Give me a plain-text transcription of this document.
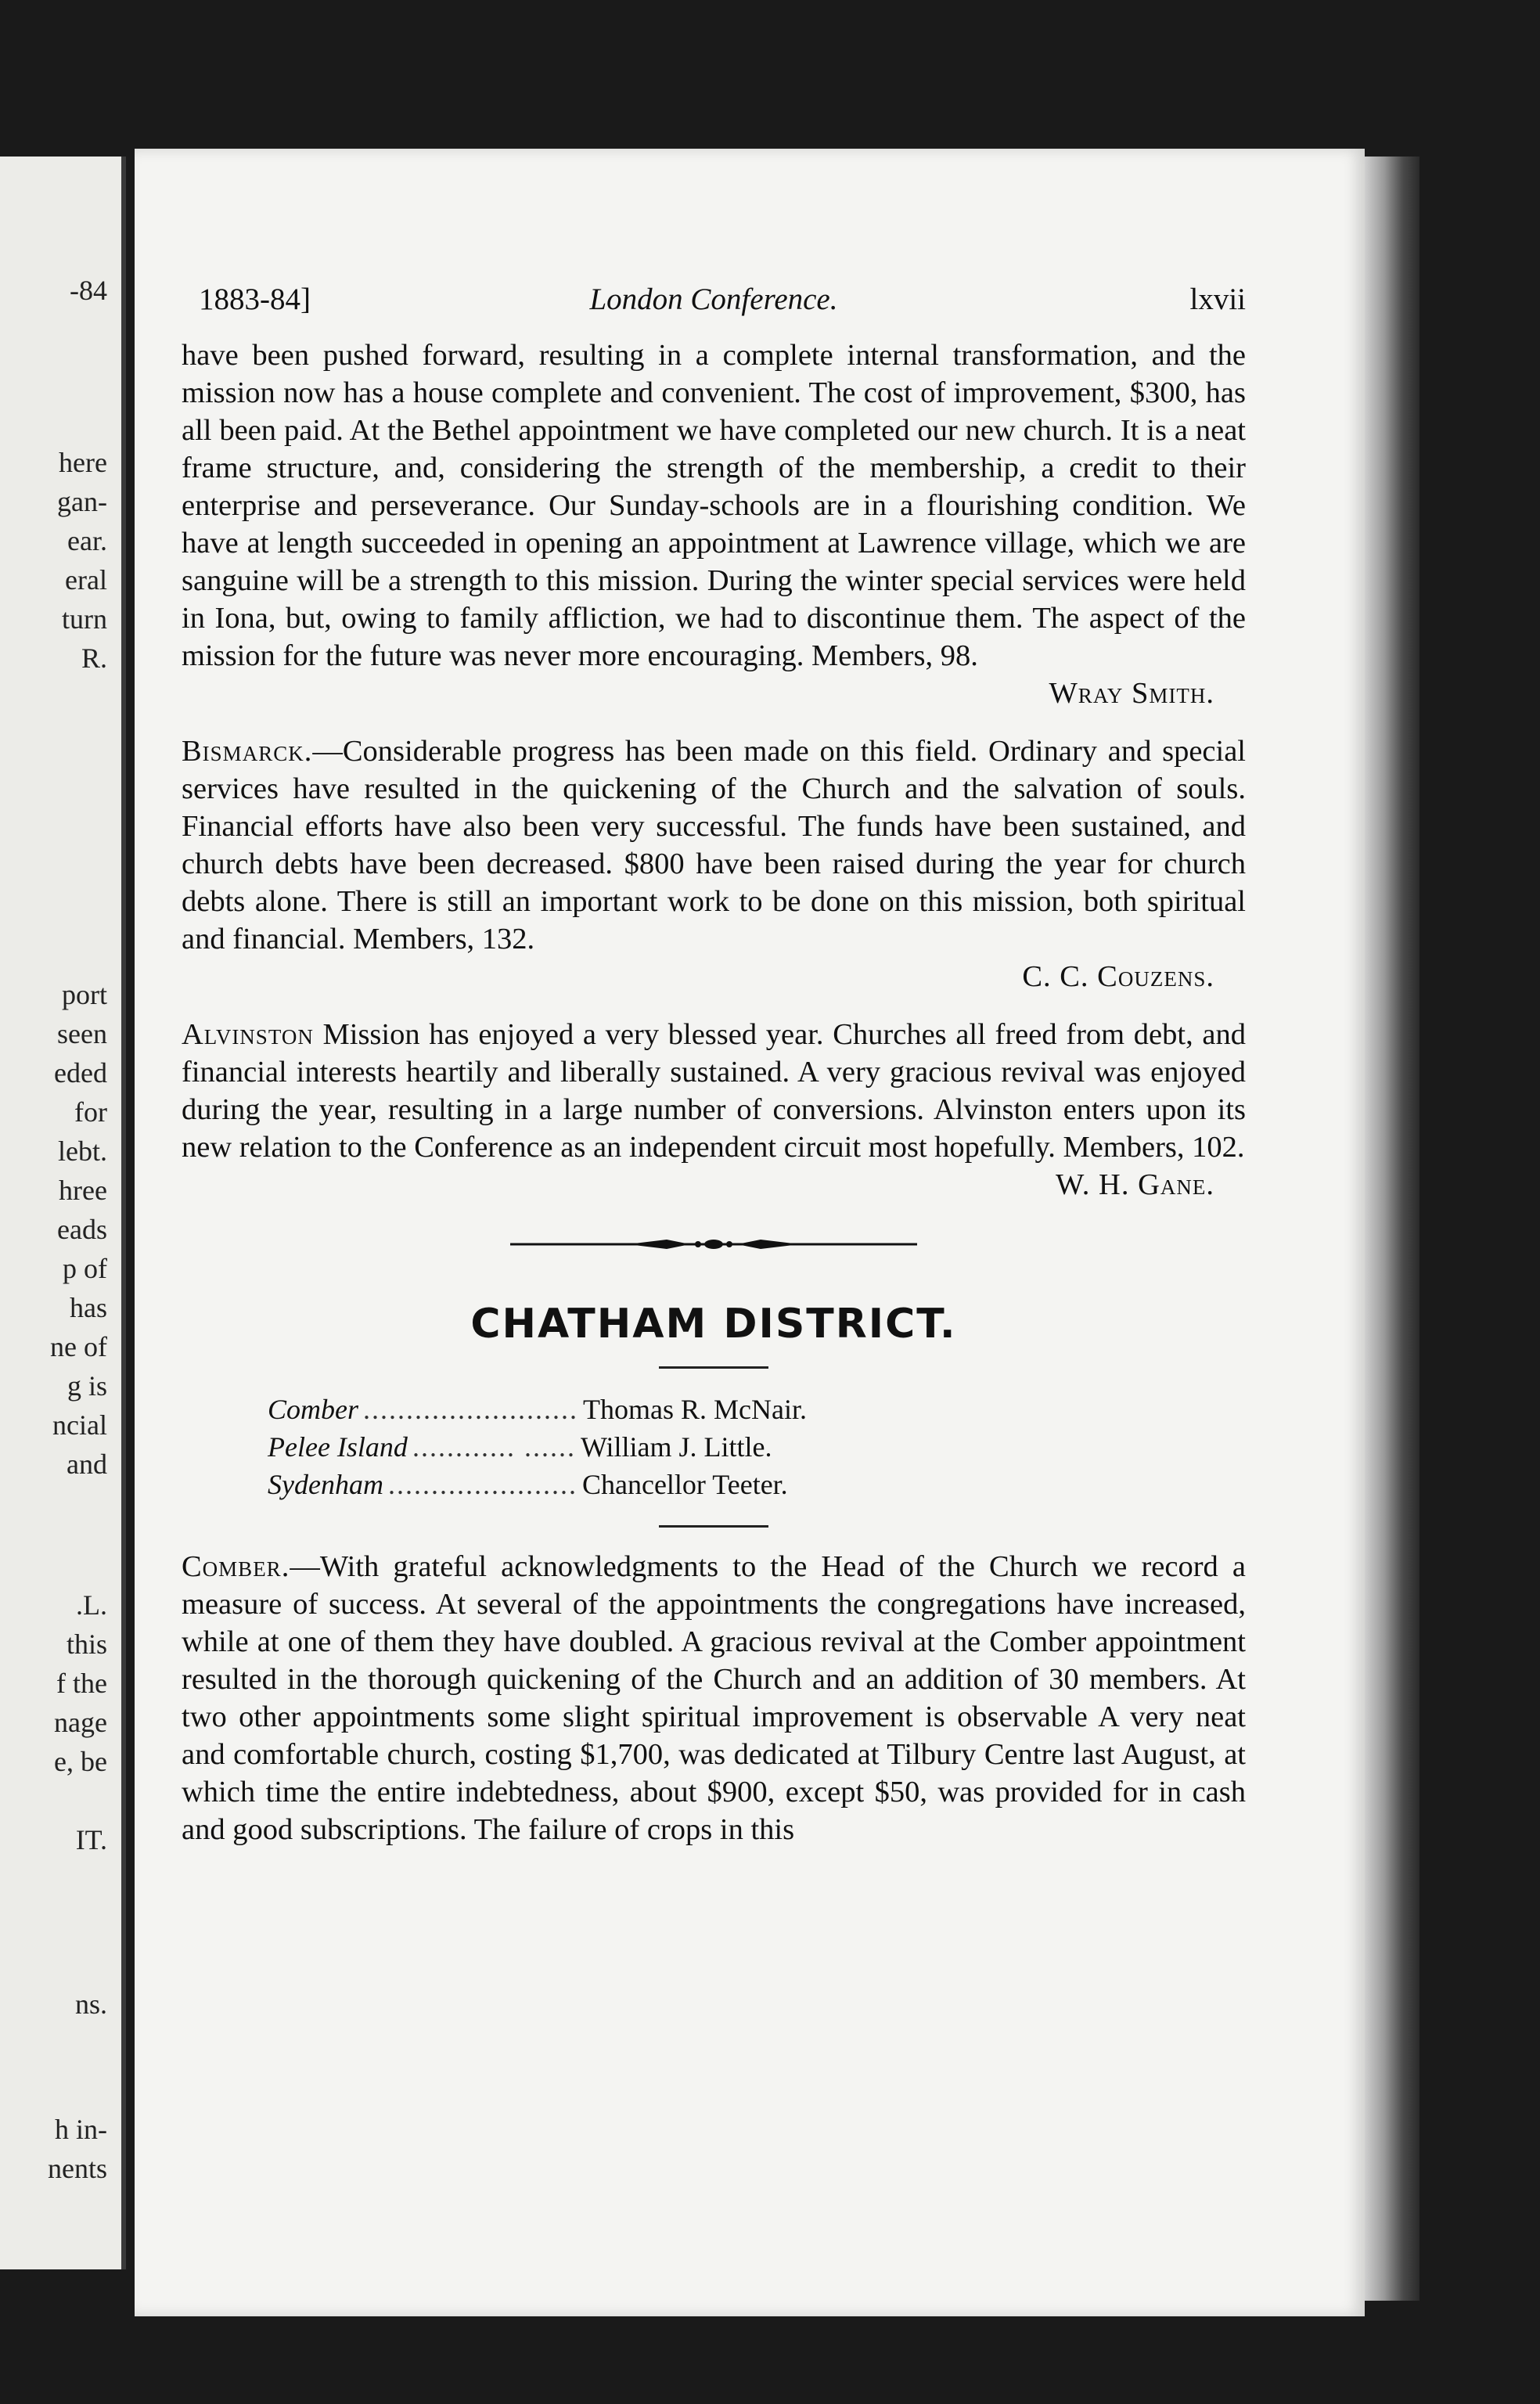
-84
here
gan-
ear.
eral
turn
R.
port
seen
eded
for
lebt.
hree
eads
p of
has
ne of
g is
ncial
and
.L.
this
f the
nage
e, be
IT.
ns.
h in-
nents
1883-84]	London Conference.	lxvii

have been pushed forward, resulting in a complete internal transformation, and the mission now has a house complete and convenient. The cost of improvement, $300, has all been paid. At the Bethel appointment we have completed our new church. It is a neat frame structure, and, considering the strength of the membership, a credit to their enterprise and perseverance. Our Sunday-schools are in a flourishing condition. We have at length succeeded in opening an appointment at Lawrence village, which we are sanguine will be a strength to this mission. During the winter special services were held in Iona, but, owing to family affliction, we had to discontinue them. The aspect of the mission for the future was never more encouraging. Members, 98.

Wray Smith.

Bismarck.—Considerable progress has been made on this field. Ordinary and special services have resulted in the quickening of the Church and the salvation of souls. Financial efforts have also been very successful. The funds have been sustained, and church debts have been decreased. $800 have been raised during the year for church debts alone. There is still an important work to be done on this mission, both spiritual and financial. Members, 132.

C. C. Couzens.

Alvinston Mission has enjoyed a very blessed year. Churches all freed from debt, and financial interests heartily and liberally sustained. A very gracious revival was enjoyed during the year, resulting in a large number of conversions. Alvinston enters upon its new relation to the Conference as an independent circuit most hopefully. Members, 102.

W. H. Gane.
CHATHAM DISTRICT.
Comber ......................... Thomas R. McNair.
Pelee Island ............ ...... William J. Little.
Sydenham ...................... Chancellor Teeter.

Comber.—With grateful acknowledgments to the Head of the Church we record a measure of success. At several of the appointments the congregations have increased, while at one of them they have doubled. A gracious revival at the Comber appointment resulted in the thorough quickening of the Church and an addition of 30 members. At two other appointments some slight spiritual improvement is observable A very neat and comfortable church, costing $1,700, was dedicated at Tilbury Centre last August, at which time the entire indebtedness, about $900, except $50, was provided for in cash and good subscriptions. The failure of crops in this
